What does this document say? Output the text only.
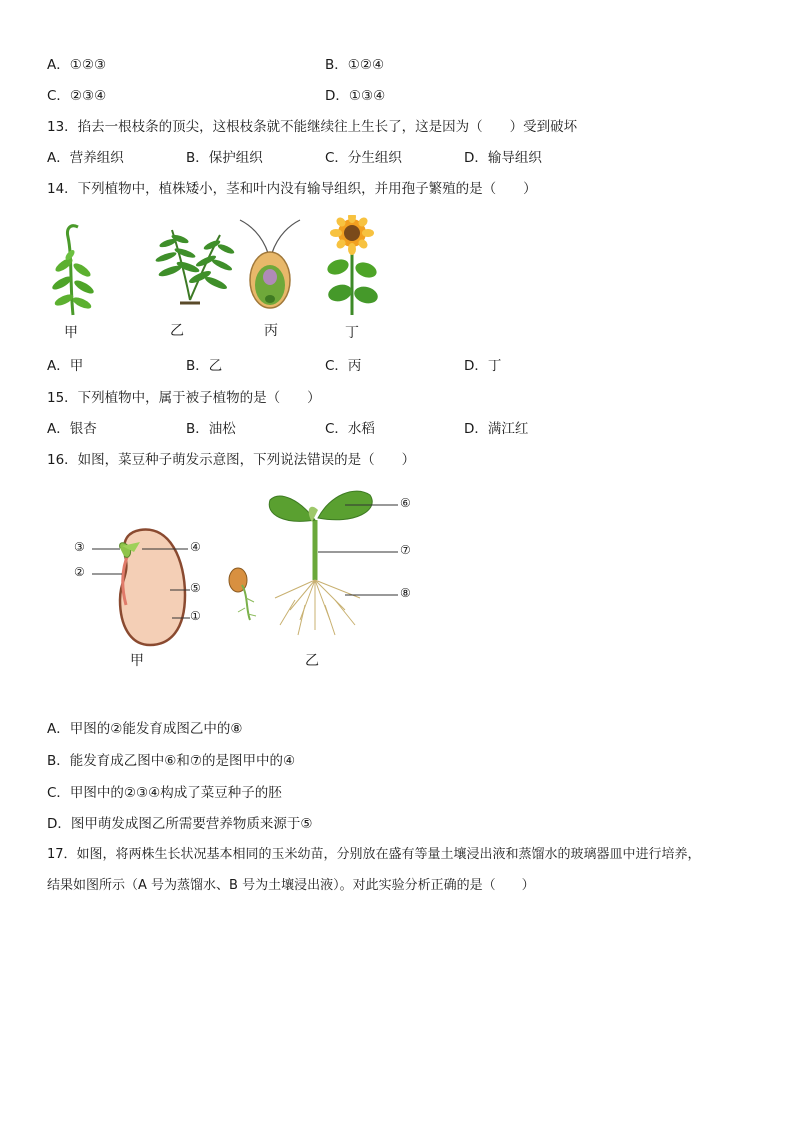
A．①②③	B．①②④
C．②③④	D．①③④
13．掐去一根枝条的顶尖，这根枝条就不能继续往上生长了，这是因为（　　）受到破坏
A．营养组织	B．保护组织	C．分生组织	D．输导组织
14．下列植物中，植株矮小，茎和叶内没有输导组织，并用孢子繁殖的是（　　）
甲	乙	丙	丁
A．甲	B．乙	C．丙	D．丁
15．下列植物中，属于被子植物的是（　　）
A．银杏	B．油松	C．水稻	D．满江红
16．如图，菜豆种子萌发示意图，下列说法错误的是（　　）
③
②
④
⑤
①
⑥
⑦
⑧
甲	乙
A．甲图的②能发育成图乙中的⑧
B．能发育成乙图中⑥和⑦的是图甲中的④
C．甲图中的②③④构成了菜豆种子的胚
D．图甲萌发成图乙所需要营养物质来源于⑤
17．如图，将两株生长状况基本相同的玉米幼苗，分别放在盛有等量土壤浸出液和蒸馏水的玻璃器皿中进行培养，
结果如图所示（A 号为蒸馏水、B 号为土壤浸出液）。对此实验分析正确的是（　　）
